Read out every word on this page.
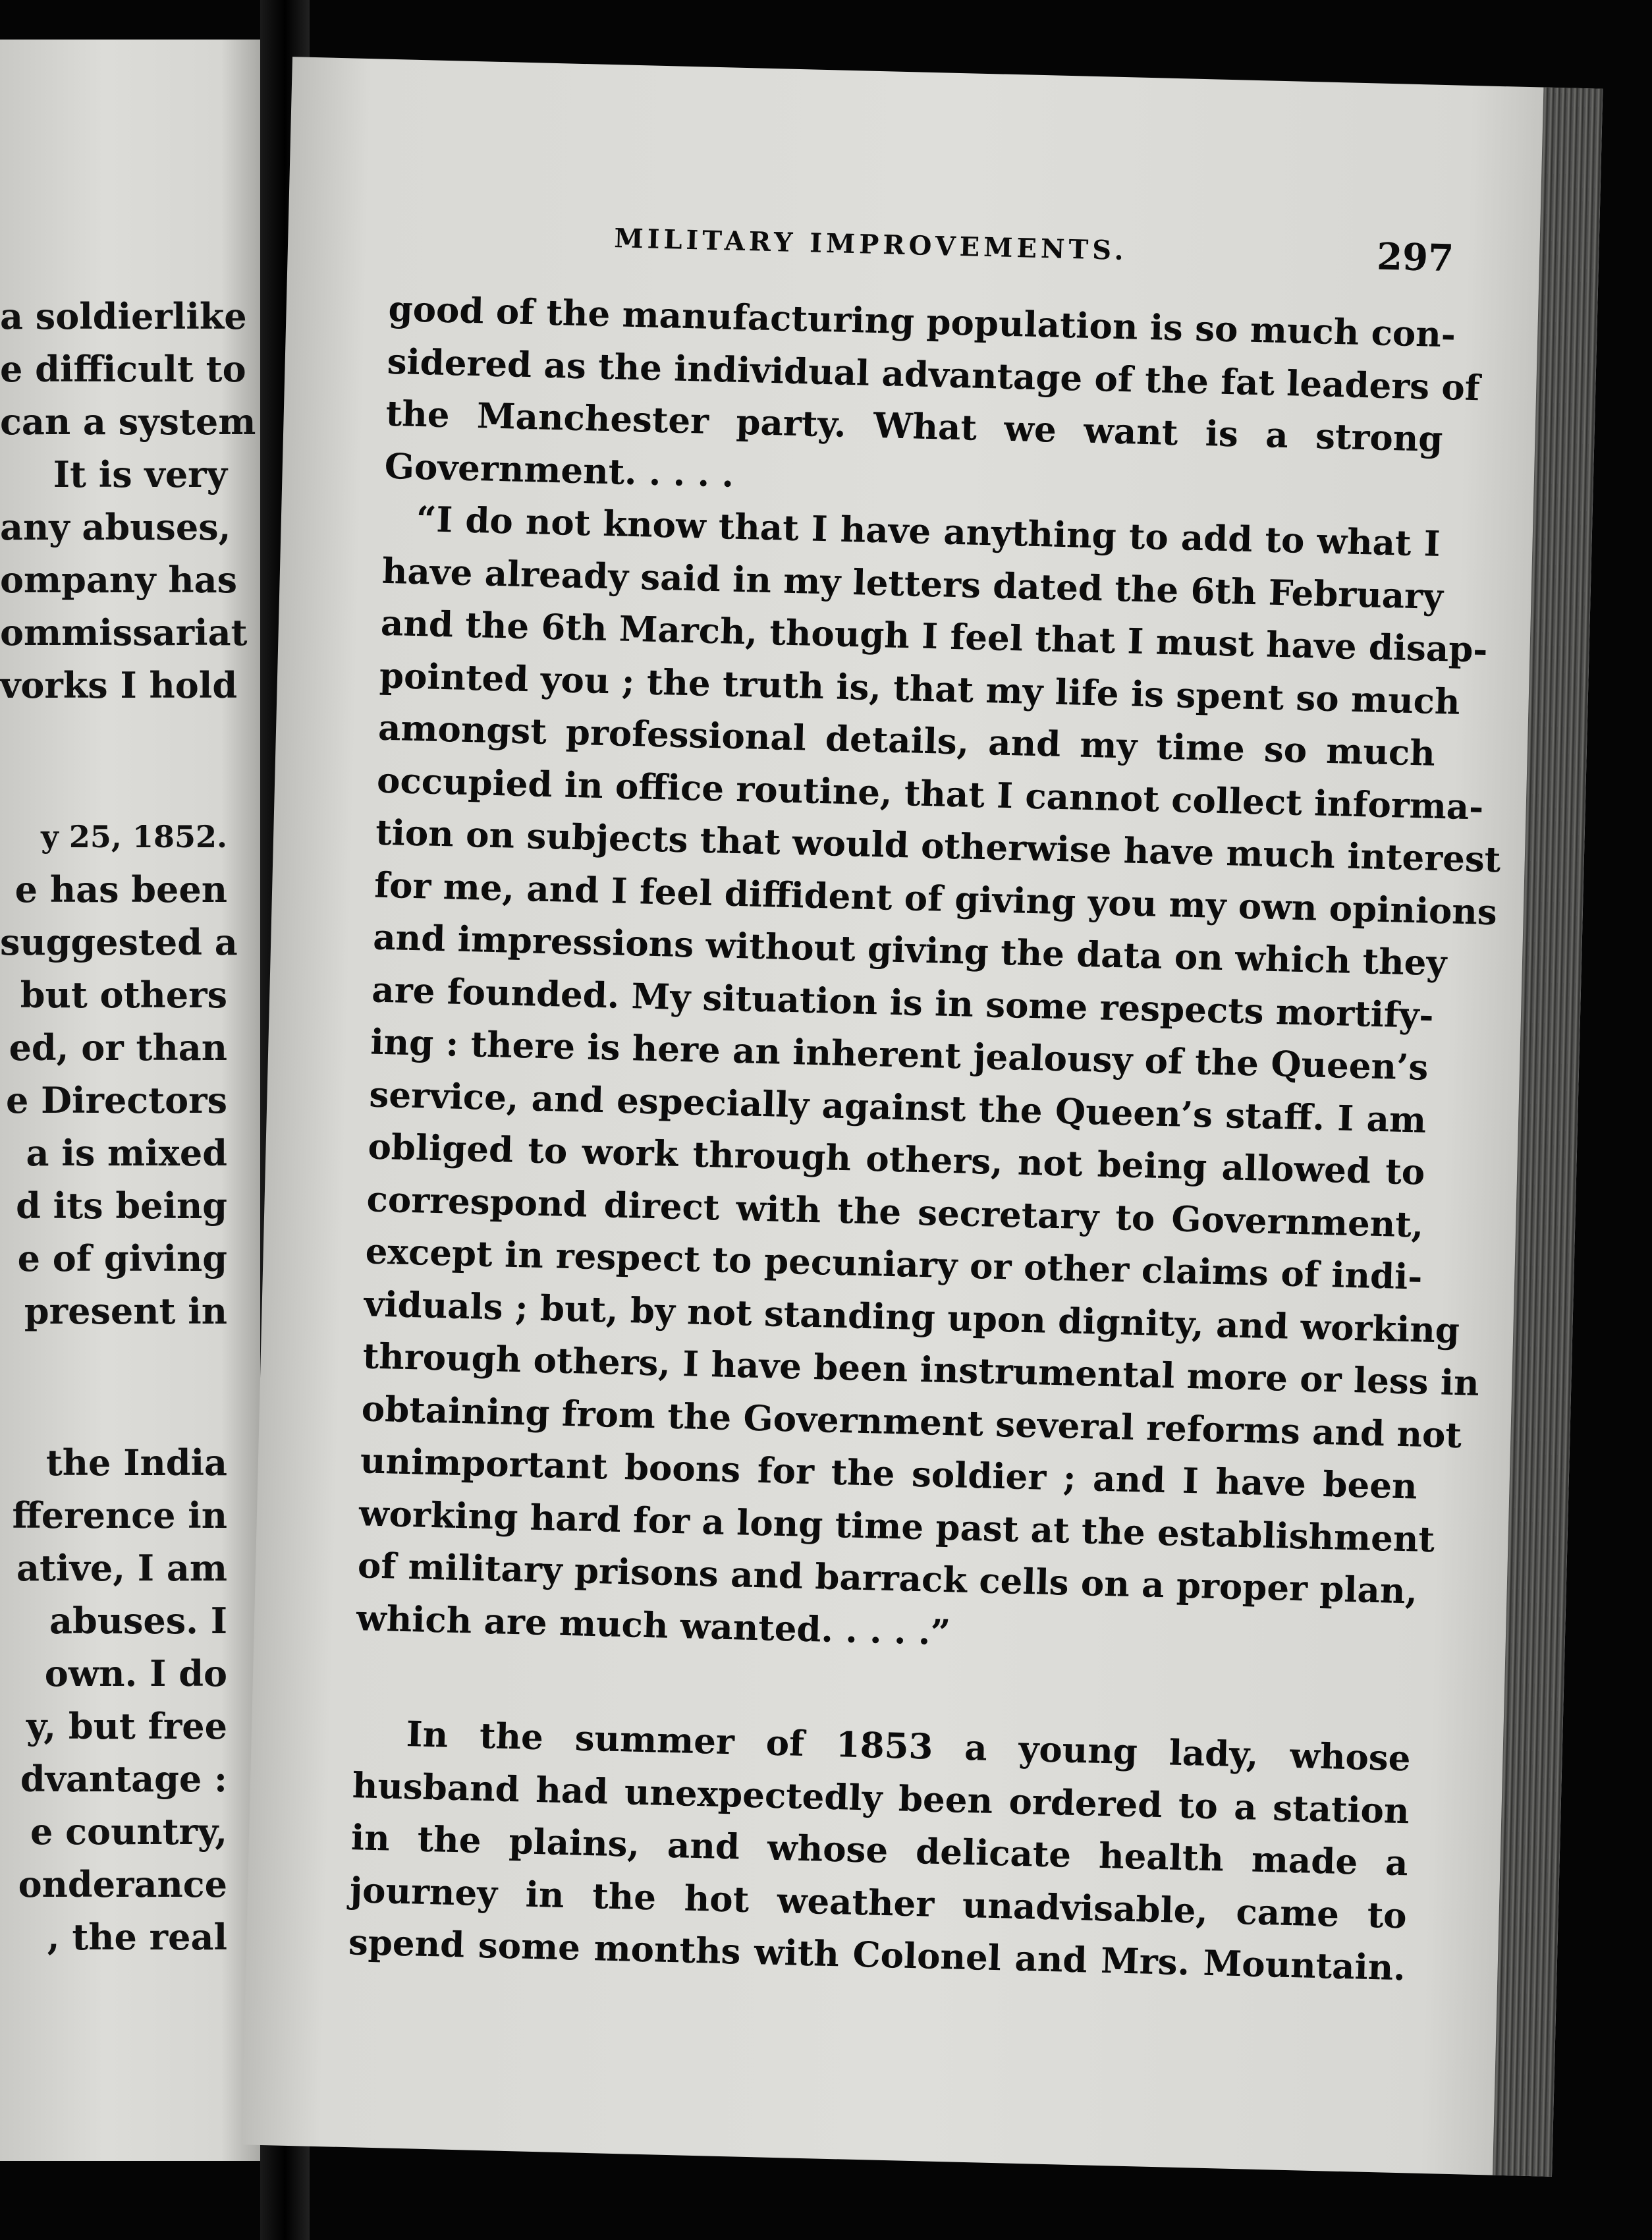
a soldierlike
e difficult to
can a system
It is very
any abuses,
ompany has
ommissariat
vorks I hold
y 25, 1852.
e has been
suggested a
but others
ed, or than
e Directors
a is mixed
d its being
e of giving
present in
the India
fference in
ative, I am
abuses. I
own. I do
y, but free
dvantage :
e country,
onderance
, the real
MILITARY IMPROVEMENTS.	297
good of the manufacturing population is so much con-
sidered as the individual advantage of the fat leaders of
the Manchester party. What we want is a strong
Government. . . . .
“I do not know that I have anything to add to what I
have already said in my letters dated the 6th February
and the 6th March, though I feel that I must have disap-
pointed you ; the truth is, that my life is spent so much
amongst professional details, and my time so much
occupied in office routine, that I cannot collect informa-
tion on subjects that would otherwise have much interest
for me, and I feel diffident of giving you my own opinions
and impressions without giving the data on which they
are founded. My situation is in some respects mortify-
ing : there is here an inherent jealousy of the Queen’s
service, and especially against the Queen’s staff. I am
obliged to work through others, not being allowed to
correspond direct with the secretary to Government,
except in respect to pecuniary or other claims of indi-
viduals ; but, by not standing upon dignity, and working
through others, I have been instrumental more or less in
obtaining from the Government several reforms and not
unimportant boons for the soldier ; and I have been
working hard for a long time past at the establishment
of military prisons and barrack cells on a proper plan,
which are much wanted. . . . .”
In the summer of 1853 a young lady, whose
husband had unexpectedly been ordered to a station
in the plains, and whose delicate health made a
journey in the hot weather unadvisable, came to
spend some months with Colonel and Mrs. Mountain.
